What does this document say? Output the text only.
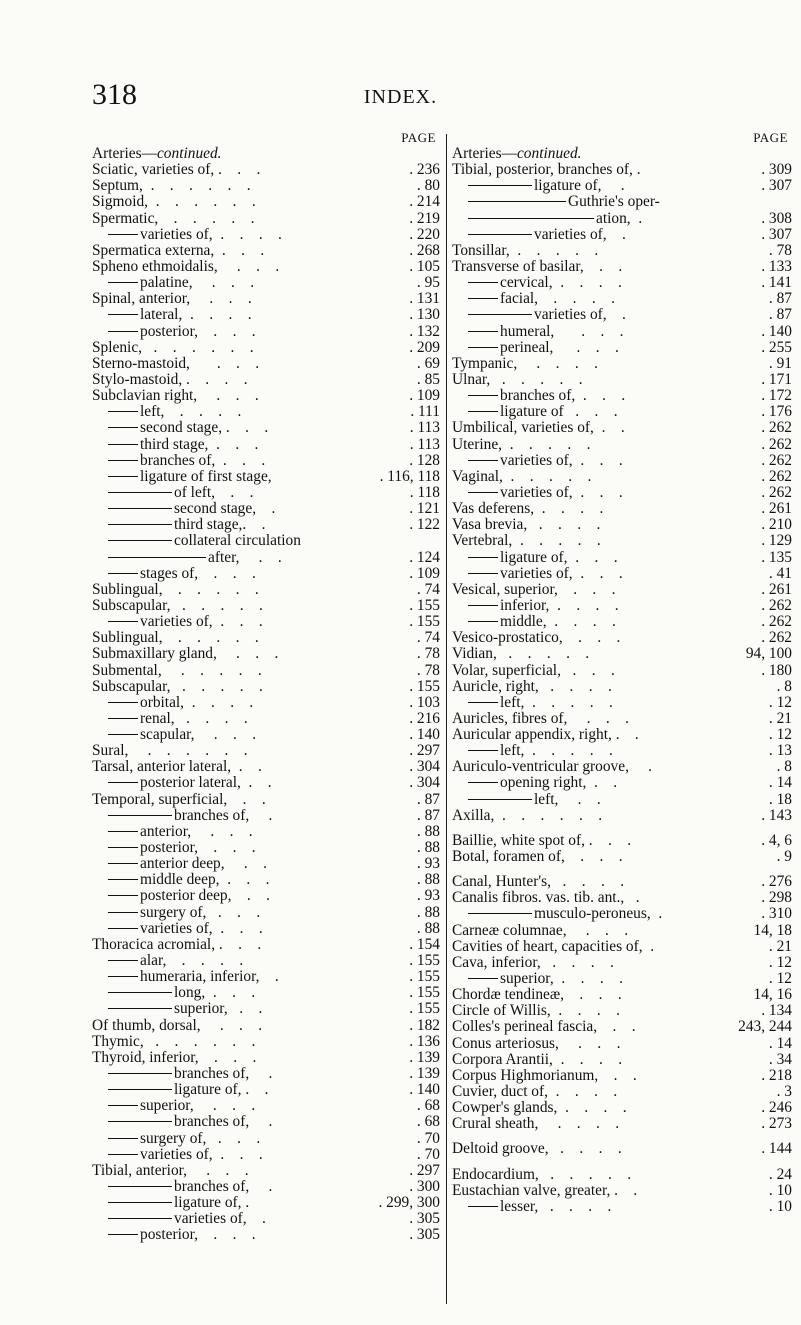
318	INDEX.
PAGE
Arteries—continued.
Sciatic, varieties of, .    .    .	. 236
Septum,  .    .    .    .    .    .	. 80
Sigmoid,  .    .    .    .    .    .	. 214
Spermatic,    .    .    .    .    .	. 219
varieties of,  .    .    .    .	. 220
Spermatica externa,  .    .    .	. 268
Spheno ethmoidalis,     .    .    .	. 105
palatine,     .    .    .	. 95
Spinal, anterior,     .    .    .	. 131
lateral,  .    .    .    .	. 130
posterior,    .    .    .	. 132
Splenic,   .    .    .    .    .    .	. 209
Sterno-mastoid,       .    .    .	. 69
Stylo-mastoid, .    .    .    .	. 85
Subclavian right,     .    .    .	. 109
left,    .    .    .    .	. 111
second stage, .    .    .	. 113
third stage,  .    .    .	. 113
branches of,  .    .    .	. 128
ligature of first stage,	. 116, 118
of left,    .    .	. 118
second stage,    .	. 121
third stage,.    .	. 122
collateral circulation
after,     .    .	. 124
stages of,    .    .    .	. 109
Sublingual,    .    .    .    .    .	. 74
Subscapular,   .    .    .    .    .	. 155
varieties of,  .    .    .	. 155
Sublingual,    .    .    .    .    .	. 74
Submaxillary gland,     .    .    .	. 78
Submental,     .    .    .    .    .	. 78
Subscapular,   .    .    .    .    .	. 155
orbital,  .    .    .    .	. 103
renal,   .    .    .    .	. 216
scapular,     .    .    .	. 140
Sural,     .    .    .    .    .    .	. 297
Tarsal, anterior lateral,  .    .	. 304
posterior lateral,  .    .	. 304
Temporal, superficial,    .    .	. 87
branches of,     .	. 87
anterior,     .    .    .	. 88
posterior,    .    .    .	. 88
anterior deep,     .    .	. 93
middle deep,  .    .    .	. 88
posterior deep,    .    .	. 93
surgery of,   .    .    .	. 88
varieties of,  .    .    .	. 88
Thoracica acromial, .    .    .	. 154
alar,    .    .    .    .	. 155
humeraria, inferior,    .	. 155
long,  .    .    .	. 155
superior,   .    .	. 155
Of thumb, dorsal,     .    .    .	. 182
Thymic,   .    .    .    .    .    .	. 136
Thyroid, inferior,    .    .    .	. 139
branches of,     .	. 139
ligature of, .    .	. 140
superior,     .    .    .	. 68
branches of,     .	. 68
surgery of,   .    .    .	. 70
varieties of,  .    .    .	. 70
Tibial, anterior,     .    .    .	. 297
branches of,     .	. 300
ligature of, .	. 299, 300
varieties of,    .	. 305
posterior,    .    .    .	. 305
PAGE
Arteries—continued.
Tibial, posterior, branches of, .	. 309
ligature of,     .	. 307
Guthrie's oper-
ation,  .	. 308
varieties of,    .	. 307
Tonsillar,  .    .    .    .    .	. 78
Transverse of basilar,    .    .	. 133
cervical,  .    .    .    .	. 141
facial,    .    .    .    .	. 87
varieties of,    .	. 87
humeral,       .    .    .	. 140
perineal,      .    .    .	. 255
Tympanic,     .    .    .    .	. 91
Ulnar,   .    .    .    .    .	. 171
branches of,  .    .    .	. 172
ligature of   .    .    .	. 176
Umbilical, varieties of,  .    .	. 262
Uterine,  .    .    .    .    .	. 262
varieties of,  .    .    .	. 262
Vaginal,  .    .    .    .    .	. 262
varieties of,  .    .    .	. 262
Vas deferens,  .    .    .    .	. 261
Vasa brevia,   .    .    .    .	. 210
Vertebral,  .    .    .    .    .	. 129
ligature of,  .    .    .	. 135
varieties of,  .    .    .	. 41
Vesical, superior,    .    .    .	. 261
inferior,  .    .    .    .	. 262
middle,  .    .    .    .	. 262
Vesico-prostatico,    .    .    .	. 262
Vidian,   .    .    .    .    .	94, 100
Volar, superficial,   .    .    .	. 180
Auricle, right,   .    .    .    .	. 8
left,  .    .    .    .    .	. 12
Auricles, fibres of,     .    .    .	. 21
Auricular appendix, right, .    .	. 12
left,  .    .    .    .    .	. 13
Auriculo-ventricular groove,     .	. 8
opening right,  .    .	. 14
left,     .    .	. 18
Axilla,  .    .    .    .    .    .	. 143
Baillie, white spot of, .    .    .	. 4, 6
Botal, foramen of,    .    .    .	. 9
Canal, Hunter's,   .    .    .    .	. 276
Canalis fibros. vas. tib. ant.,   .	. 298
musculo-peroneus,  .	. 310
Carneæ columnae,     .    .    .	14, 18
Cavities of heart, capacities of,  .	. 21
Cava, inferior,   .    .    .    .	. 12
superior,  .    .    .    .	. 12
Chordæ tendineæ,    .    .    .	14, 16
Circle of Willis,  .    .    .    .	. 134
Colles's perineal fascia,    .    .	243, 244
Conus arteriosus,     .    .    .	. 14
Corpora Arantii,  .    .    .    .	. 34
Corpus Highmorianum,    .    .	. 218
Cuvier, duct of,  .    .    .    .	. 3
Cowper's glands,  .    .    .    .	. 246
Crural sheath,     .    .    .    .	. 273
Deltoid groove,   .    .    .    .	. 144
Endocardium,   .    .    .    .    .	. 24
Eustachian valve, greater, .    .	. 10
lesser,   .    .    .    .	. 10
